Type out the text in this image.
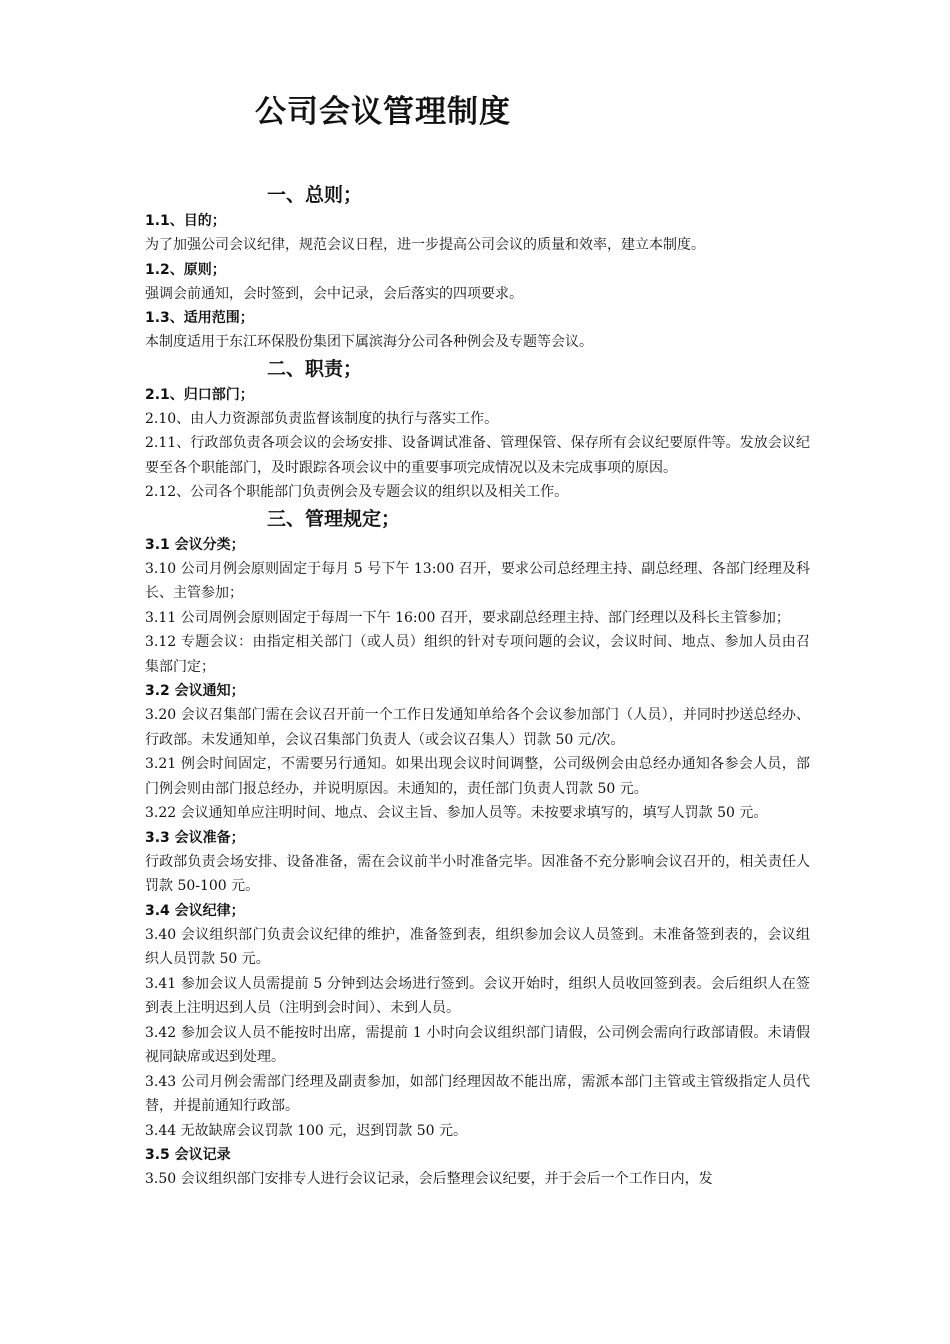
公司会议管理制度
一、总则；
1.1、目的；

为了加强公司会议纪律，规范会议日程，进一步提高公司会议的质量和效率，建立本制度。

1.2、原则；

强调会前通知，会时签到，会中记录，会后落实的四项要求。

1.3、适用范围；

本制度适用于东江环保股份集团下属滨海分公司各种例会及专题等会议。

二、职责；
2.1、归口部门；

2.10、由人力资源部负责监督该制度的执行与落实工作。

2.11、行政部负责各项会议的会场安排、设备调试准备、管理保管、保存所有会议纪要原件等。发放会议纪要至各个职能部门，及时跟踪各项会议中的重要事项完成情况以及未完成事项的原因。

2.12、公司各个职能部门负责例会及专题会议的组织以及相关工作。

三、管理规定；
3.1 会议分类；

3.10 公司月例会原则固定于每月 5 号下午 13:00 召开，要求公司总经理主持、副总经理、各部门经理及科长、主管参加；

3.11 公司周例会原则固定于每周一下午 16:00 召开，要求副总经理主持、部门经理以及科长主管参加；

3.12 专题会议：由指定相关部门（或人员）组织的针对专项问题的会议，会议时间、地点、参加人员由召集部门定；

3.2 会议通知；

3.20 会议召集部门需在会议召开前一个工作日发通知单给各个会议参加部门（人员），并同时抄送总经办、行政部。未发通知单，会议召集部门负责人（或会议召集人）罚款 50 元/次。

3.21 例会时间固定，不需要另行通知。如果出现会议时间调整，公司级例会由总经办通知各参会人员，部门例会则由部门报总经办，并说明原因。未通知的，责任部门负责人罚款 50 元。

3.22 会议通知单应注明时间、地点、会议主旨、参加人员等。未按要求填写的，填写人罚款 50 元。

3.3 会议准备；

行政部负责会场安排、设备准备，需在会议前半小时准备完毕。因准备不充分影响会议召开的，相关责任人罚款 50-100 元。

3.4 会议纪律；

3.40 会议组织部门负责会议纪律的维护，准备签到表，组织参加会议人员签到。未准备签到表的，会议组织人员罚款 50 元。

3.41 参加会议人员需提前 5 分钟到达会场进行签到。会议开始时，组织人员收回签到表。会后组织人在签到表上注明迟到人员（注明到会时间）、未到人员。

3.42 参加会议人员不能按时出席，需提前 1 小时向会议组织部门请假，公司例会需向行政部请假。未请假视同缺席或迟到处理。

3.43 公司月例会需部门经理及副责参加，如部门经理因故不能出席，需派本部门主管或主管级指定人员代替，并提前通知行政部。

3.44 无故缺席会议罚款 100 元，迟到罚款 50 元。

3.5 会议记录

3.50 会议组织部门安排专人进行会议记录，会后整理会议纪要，并于会后一个工作日内，发
